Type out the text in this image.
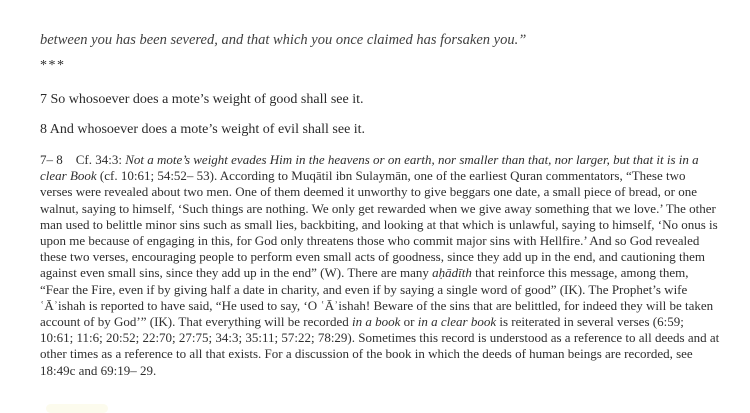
between you has been severed, and that which you once claimed has forsaken you.”

***

7 So whosoever does a mote’s weight of good shall see it.

8 And whosoever does a mote’s weight of evil shall see it.

7– 8 Cf. 34:3: Not a mote’s weight evades Him in the heavens or on earth, nor smaller than that, nor larger, but that it is in a clear Book (cf. 10:61; 54:52– 53). According to Muqātil ibn Sulaymān, one of the earliest Quran commentators, “These two verses were revealed about two men. One of them deemed it unworthy to give beggars one date, a small piece of bread, or one walnut, saying to himself, ‘Such things are nothing. We only get rewarded when we give away something that we love.’ The other man used to belittle minor sins such as small lies, backbiting, and looking at that which is unlawful, saying to himself, ‘No onus is upon me because of engaging in this, for God only threatens those who commit major sins with Hellfire.’ And so God revealed these two verses, encouraging people to perform even small acts of goodness, since they add up in the end, and cautioning them against even small sins, since they add up in the end” (W). There are many aḥādīth that reinforce this message, among them, “Fear the Fire, even if by giving half a date in charity, and even if by saying a single word of good” (IK). The Prophet’s wife ʿĀʾishah is reported to have said, “He used to say, ‘O ʿĀʾishah! Beware of the sins that are belittled, for indeed they will be taken account of by God’” (IK). That everything will be recorded in a book or in a clear book is reiterated in several verses (6:59; 10:61; 11:6; 20:52; 22:70; 27:75; 34:3; 35:11; 57:22; 78:29). Sometimes this record is understood as a reference to all deeds and at other times as a reference to all that exists. For a discussion of the book in which the deeds of human beings are recorded, see 18:49c and 69:19– 29.
